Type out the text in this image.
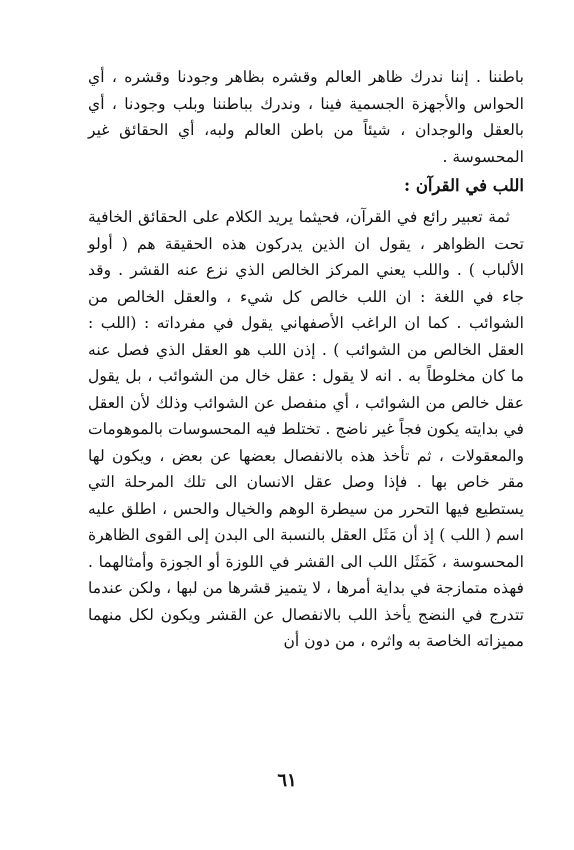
باطننا . إننا ندرك ظاهر العالم وقشره بظاهر وجودنا وقشره ، أي الحواس والأجهزة الجسمية فينا ، وندرك بباطننا وبلب وجودنا ، أي بالعقل والوجدان ، شيئاً من باطن العالم ولبه، أي الحقائق غير المحسوسة .

اللب في القرآن :

ثمة تعبير رائع في القرآن، فحيثما يريد الكلام على الحقائق الخافية تحت الظواهر ، يقول ان الذين يدركون هذه الحقيقة هم ( أولو الألباب ) . واللب يعني المركز الخالص الذي نزع عنه القشر . وقد جاء في اللغة : ان اللب خالص كل شيء ، والعقل الخالص من الشوائب . كما ان الراغب الأصفهاني يقول في مفرداته : (اللب : العقل الخالص من الشوائب ) . إذن اللب هو العقل الذي فصل عنه ما كان مخلوطاً به . انه لا يقول : عقل خال من الشوائب ، بل يقول عقل خالص من الشوائب ، أي منفصل عن الشوائب وذلك لأن العقل في بدايته يكون فجاً غير ناضج . تختلط فيه المحسوسات بالموهومات والمعقولات ، ثم تأخذ هذه بالانفصال بعضها عن بعض ، ويكون لها مقر خاص بها . فإذا وصل عقل الانسان الى تلك المرحلة التي يستطيع فيها التحرر من سيطرة الوهم والخيال والحس ، اطلق عليه اسم ( اللب ) إذ أن مَثَل العقل بالنسبة الى البدن إلى القوى الظاهرة المحسوسة ، كَمَثَل اللب الى القشر في اللوزة أو الجوزة وأمثالهما . فهذه متمازجة في بداية أمرها ، لا يتميز قشرها من لبها ، ولكن عندما تتدرج في النضج يأخذ اللب بالانفصال عن القشر ويكون لكل منهما مميزاته الخاصة به واثره ، من دون أن

٦١
